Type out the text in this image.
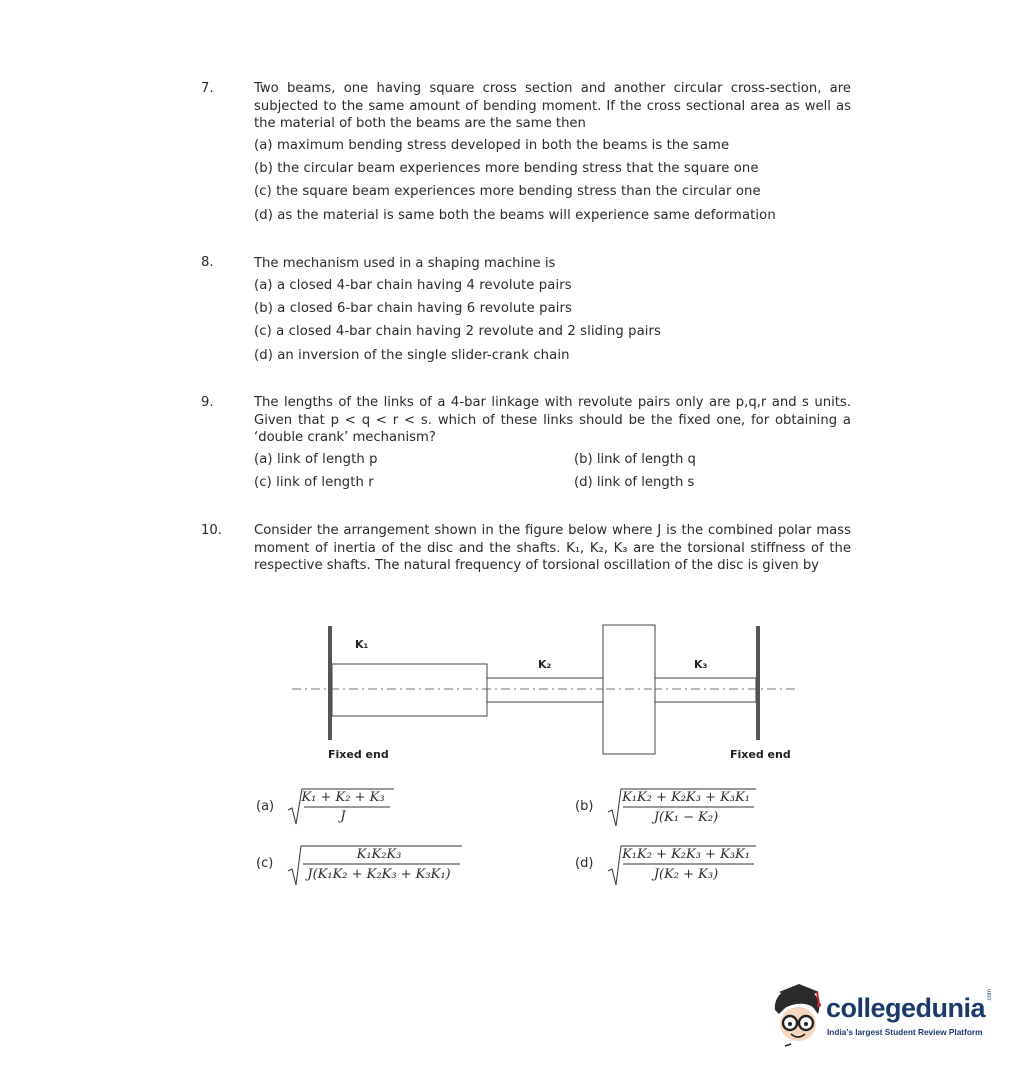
7.	Two beams, one having square cross section and another circular cross-section, are subjected to the same amount of bending moment. If the cross sectional area as well as the material of both the beams are the same then
(a) maximum bending stress developed in both the beams is the same
(b) the circular beam experiences more bending stress that the square one
(c) the square beam experiences more bending stress than the circular one
(d) as the material is same both the beams will experience same deformation
8.	The mechanism used in a shaping machine is
(a) a closed 4-bar chain having 4 revolute pairs
(b) a closed 6-bar chain having 6 revolute pairs
(c) a closed 4-bar chain having 2 revolute and 2 sliding pairs
(d) an inversion of the single slider-crank chain
9.	The lengths of the links of a 4-bar linkage with revolute pairs only are p,q,r and s units. Given that p < q < r < s. which of these links should be the fixed one, for obtaining a ‘double crank’ mechanism?
(a) link of length p	(b) link of length q
(c) link of length r	(d) link of length s
10. Consider the arrangement shown in the figure below where J is the combined polar mass moment of inertia of the disc and the shafts. K₁, K₂, K₃ are the torsional stiffness of the respective shafts. The natural frequency of torsional oscillation of the disc is given by
K₁
K₂	K₃
Fixed end	Fixed end
(a)
K₁ + K₂ + K₃
J
(b)
K₁K₂ + K₂K₃ + K₃K₁
J(K₁ − K₂)
(c)
K₁K₂K₃
J(K₁K₂ + K₂K₃ + K₃K₁)
(d)
K₁K₂ + K₂K₃ + K₃K₁
J(K₂ + K₃)
collegedunia .com
India's largest Student Review Platform
